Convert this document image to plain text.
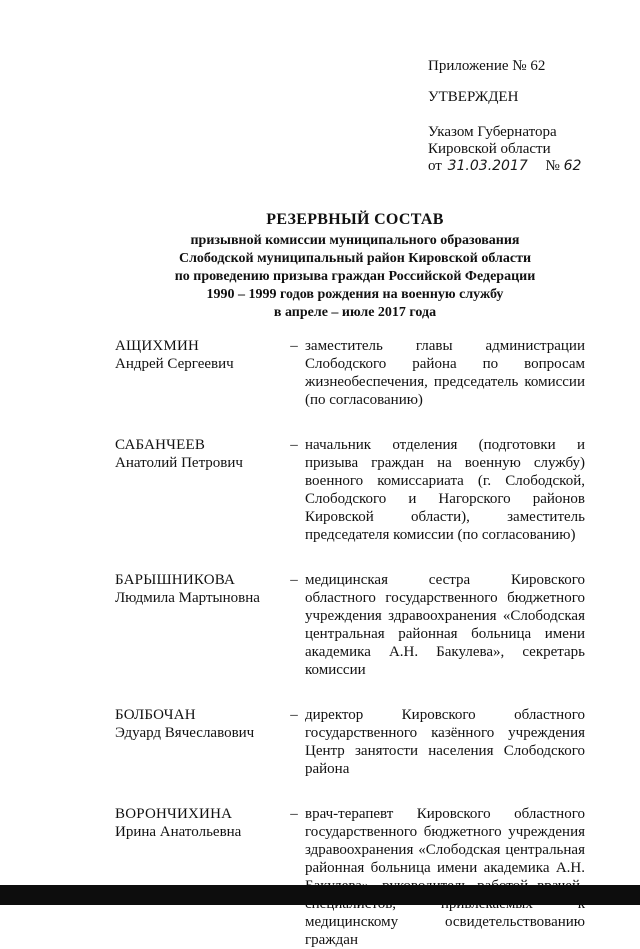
Приложение № 62
УТВЕРЖДЕН
Указом Губернатора
Кировской области
от 31.03.2017 № 62
РЕЗЕРВНЫЙ СОСТАВ
призывной комиссии муниципального образования
Слободской муниципальный район Кировской области
по проведению призыва граждан Российской Федерации
1990 – 1999 годов рождения на военную службу
в апреле – июле 2017 года
АЩИХМИН
Андрей Сергеевич
– заместитель главы администрации Слободского района по вопросам жизнеобеспечения, председатель комиссии (по согласованию)
САБАНЧЕЕВ
Анатолий Петрович
– начальник отделения (подготовки и призыва граждан на военную службу) военного комиссариата (г. Слободской, Слободского и Нагорского районов Кировской области), заместитель председателя комиссии (по согласованию)
БАРЫШНИКОВА
Людмила Мартыновна
– медицинская сестра Кировского областного государственного бюджетного учреждения здравоохранения «Слободская центральная районная больница имени академика А.Н. Бакулева», секретарь комиссии
БОЛБОЧАН
Эдуард Вячеславович
– директор Кировского областного государственного казённого учреждения Центр занятости населения Слободского района
ВОРОНЧИХИНА
Ирина Анатольевна
– врач-терапевт Кировского областного государственного бюджетного учреждения здравоохранения «Слободская центральная районная больница имени академика А.Н. медицинскому освидетельствованию граждан
